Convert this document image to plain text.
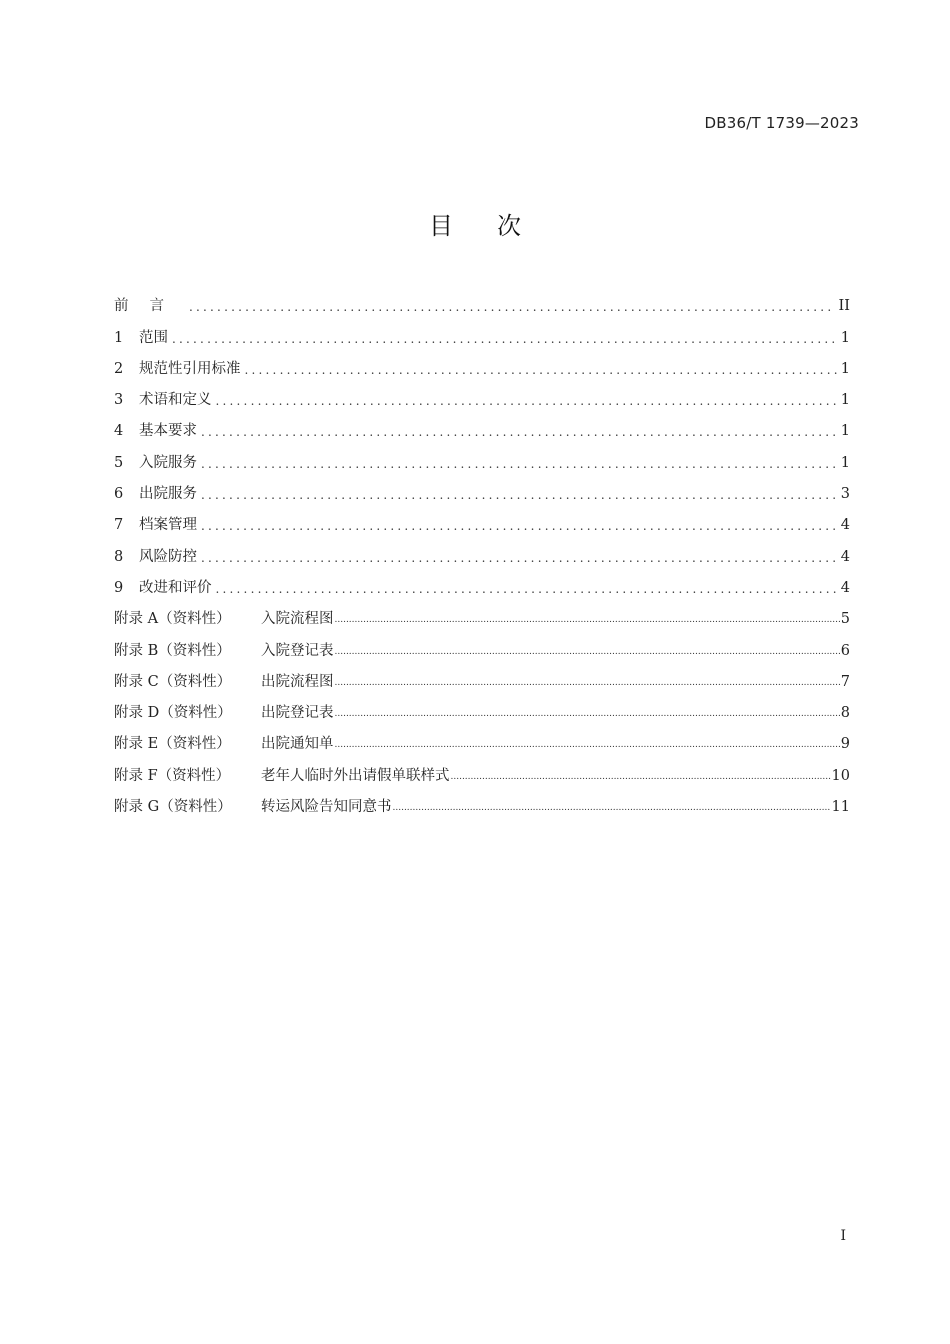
DB36/T 1739—2023
目次
前言 .....	II
1	范围 .....	1
2	规范性引用标准 .....	1
3	术语和定义 .....	1
4	基本要求 .....	1
5	入院服务 .....	1
6	出院服务 .....	3
7	档案管理 .....	4
8	风险防控 .....	4
9	改进和评价 .....	4
附录 A（资料性）	入院流程图 .....	5
附录 B（资料性）	入院登记表 .....	6
附录 C（资料性）	出院流程图 .....	7
附录 D（资料性）	出院登记表 .....	8
附录 E（资料性）	出院通知单 .....	9
附录 F（资料性）	老年人临时外出请假单联样式 .....	10
附录 G（资料性）	转运风险告知同意书 .....	11
I
